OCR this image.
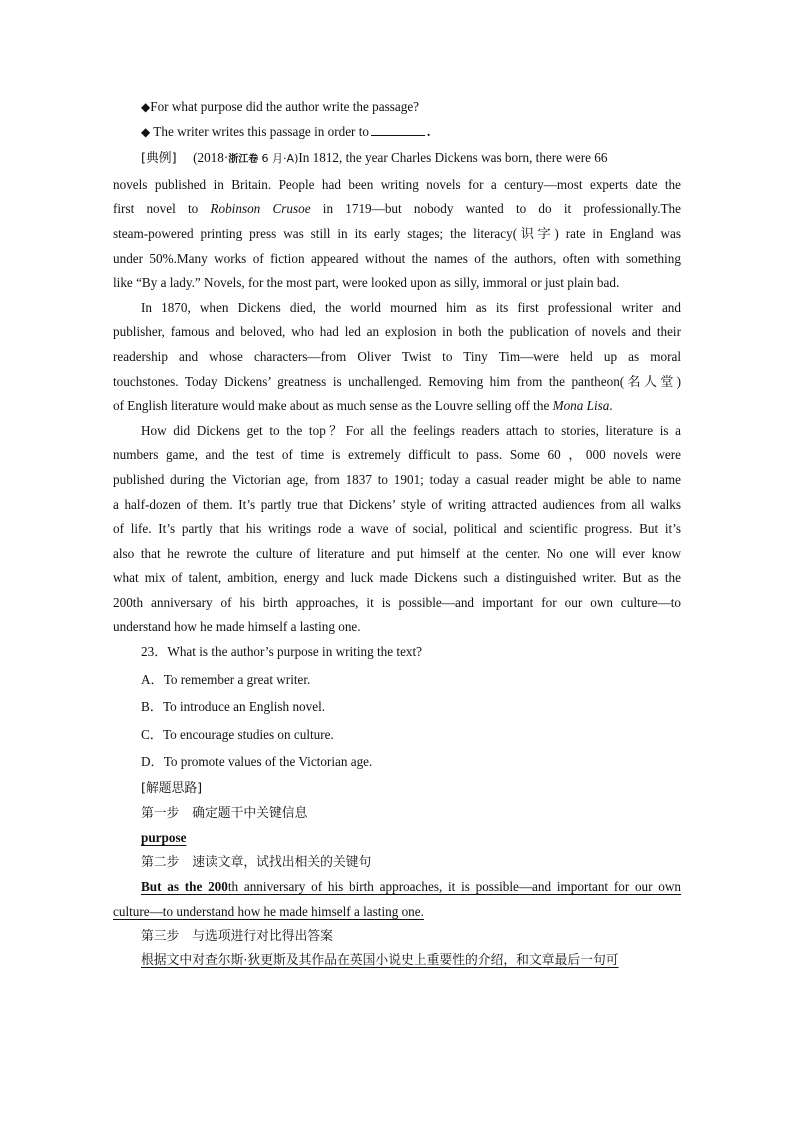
◆For what purpose did the author write the passage?

◆ The writer writes this passage in order to	.

[典例] (2018·浙江卷 6 月·A)In 1812, the year Charles Dickens was born, there were 66

novels published in Britain. People had been writing novels for a century—most experts date the

first novel to Robinson Crusoe in 1719—but nobody wanted to do it professionally.The

steam-powered printing press was still in its early stages; the literacy(识字) rate in England was

under 50%.Many works of fiction appeared without the names of the authors, often with something

like “By a lady.” Novels, for the most part, were looked upon as silly, immoral or just plain bad.

In 1870, when Dickens died, the world mourned him as its first professional writer and

publisher, famous and beloved, who had led an explosion in both the publication of novels and their

readership and whose characters—from Oliver Twist to Tiny Tim—were held up as moral

touchstones. Today Dickens’ greatness is unchallenged. Removing him from the pantheon(名人堂)

of English literature would make about as much sense as the Louvre selling off the Mona Lisa.

How did Dickens get to the top？For all the feelings readers attach to stories, literature is a

numbers game, and the test of time is extremely difficult to pass. Some 60 ，000 novels were

published during the Victorian age, from 1837 to 1901; today a casual reader might be able to name

a half-dozen of them. It’s partly true that Dickens’ style of writing attracted audiences from all walks

of life. It’s partly that his writings rode a wave of social, political and scientific progress. But it’s

also that he rewrote the culture of literature and put himself at the center. No one will ever know

what mix of talent, ambition, energy and luck made Dickens such a distinguished writer. But as the

200th anniversary of his birth approaches, it is possible—and important for our own culture—to

understand how he made himself a lasting one.

23．What is the author’s purpose in writing the text?

A．To remember a great writer.

B．To introduce an English novel.

C．To encourage studies on culture.

D．To promote values of the Victorian age.

[解题思路]

第一步　确定题干中关键信息

purpose

第二步　速读文章，试找出相关的关键句

But as the 200th anniversary of his birth approaches, it is possible—and important for our own

culture—to understand how he made himself a lasting one.

第三步　与选项进行对比得出答案

根据文中对查尔斯·狄更斯及其作品在英国小说史上重要性的介绍，和文章最后一句可
